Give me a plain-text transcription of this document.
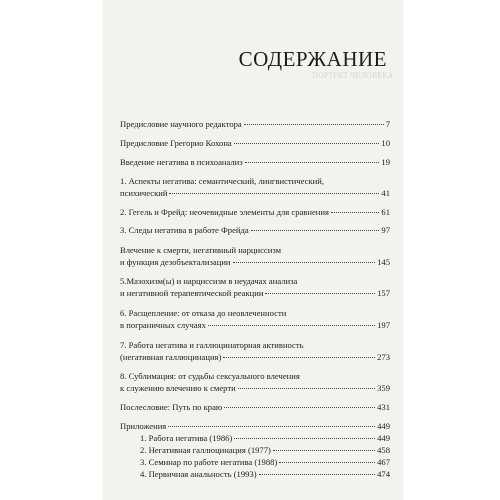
СОДЕРЖАНИЕ
ПОРТРЕТ ЧЕЛОВЕКА
Предисловие научного редактора	7
Предисловие Грегорио Кохона	10
Введение негатива в психоанализ	19
1. Аспекты негатива: семантический, лингвистический,
психический	41
2. Гегель и Фрейд: неочевидные элементы для сравнения	61
3. Следы негатива в работе Фрейда	97
Влечение к смерти, негативный нарциссизм
и функция дезобъектализации	145
5.Мазохизм(ы) и нарциссизм в неудачах анализа
и негативной терапевтической реакции	157
6. Расщепление: от отказа до неовлеченности
в пограничных случаях	197
7. Работа негатива и галлюцинаторная активность
(негативная галлюцинация)	273
8. Сублимация: от судьбы сексуального влечения
к служению влечению к смерти	359
Послесловие: Путь по краю	431
Приложения	449
1. Работа негатива (1986)	449
2. Негативная галлюцинация (1977)	458
3. Семинар по работе негатива (1988)	467
4. Первичная анальность (1993)	474
